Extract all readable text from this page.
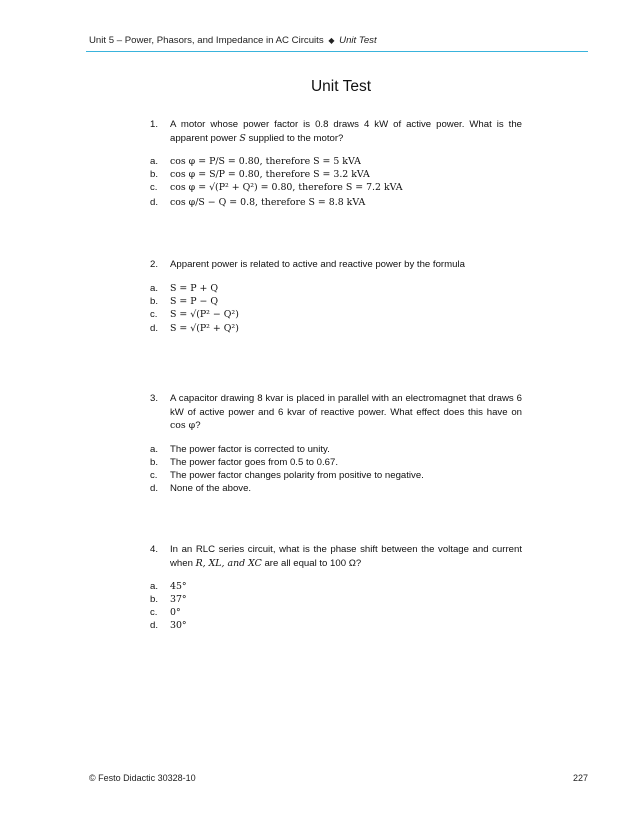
Unit 5 – Power, Phasors, and Impedance in AC Circuits ◆ Unit Test
Unit Test
1. A motor whose power factor is 0.8 draws 4 kW of active power. What is the apparent power S supplied to the motor?
a. cos φ = P/S = 0.80, therefore S = 5 kVA
b. cos φ = S/P = 0.80, therefore S = 3.2 kVA
c. cos φ = √(P² + Q²) = 0.80, therefore S = 7.2 kVA
d. cos φ/S − Q = 0.8, therefore S = 8.8 kVA
2. Apparent power is related to active and reactive power by the formula
a. S = P + Q
b. S = P − Q
c. S = √(P² − Q²)
d. S = √(P² + Q²)
3. A capacitor drawing 8 kvar is placed in parallel with an electromagnet that draws 6 kW of active power and 6 kvar of reactive power. What effect does this have on cos φ?
a. The power factor is corrected to unity.
b. The power factor goes from 0.5 to 0.67.
c. The power factor changes polarity from positive to negative.
d. None of the above.
4. In an RLC series circuit, what is the phase shift between the voltage and current when R, XL, and XC are all equal to 100 Ω?
a. 45°
b. 37°
c. 0°
d. 30°
© Festo Didactic 30328-10	227
